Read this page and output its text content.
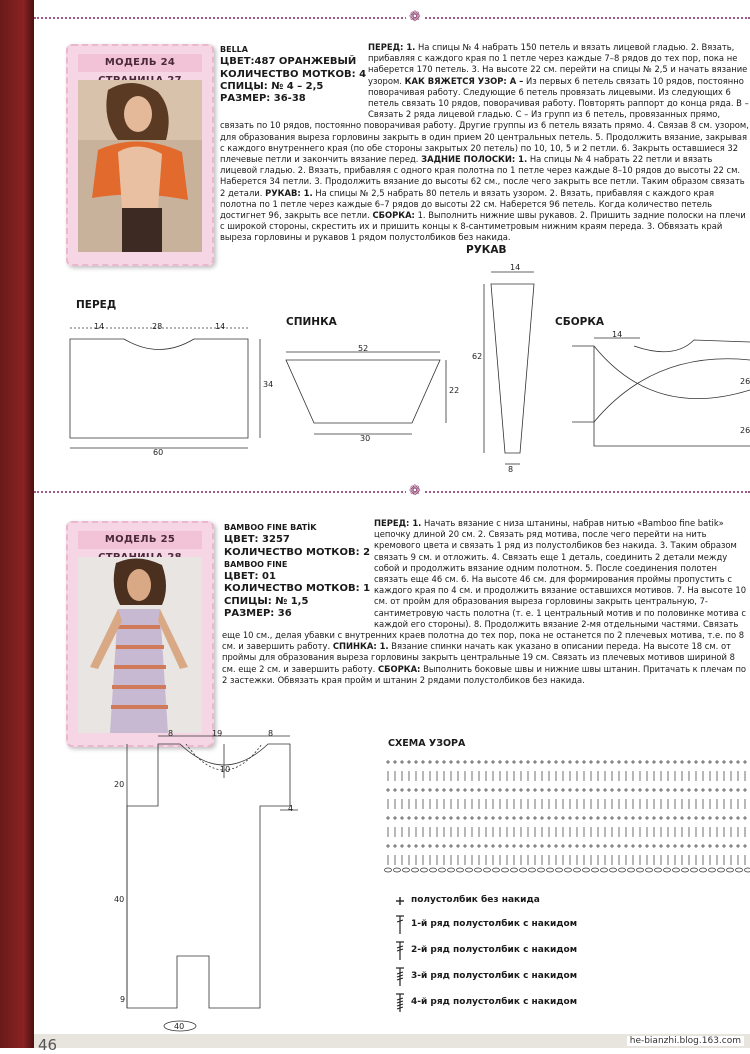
❁
МОДЕЛЬ 24
BELLA
ЦВЕТ:487 ОРАНЖЕВЫЙ
КОЛИЧЕСТВО МОТКОВ: 4
СПИЦЫ: № 4 – 2,5
РАЗМЕР: 36-38
ПЕРЕД: 1. На спицы № 4 набрать 150 петель и вязать лицевой гладью. 2. Вязать, прибавляя с каждого края по 1 петле через каждые 7–8 рядов до тех пор, пока не наберется 170 петель. 3. На высоте 22 см. перейти на спицы № 2,5 и начать вязание узором. КАК ВЯЖЕТСЯ УЗОР: А – Из первых 6 петель связать 10 рядов, постоянно поворачивая работу. Следующие 6 петель провязать лицевыми. Из следующих 6 петель связать 10 рядов, поворачивая работу. Повторять раппорт до конца ряда. В – Связать 2 ряда лицевой гладью. С – Из групп из 6 петель, провязанных прямо, связать по 10 рядов, постоянно поворачивая работу. Другие группы из 6 петель вязать прямо. 4. Связав 8 см. узором, для образования выреза горловины закрыть в один прием 20 центральных петель. 5. Продолжить вязание, закрывая с каждого внутреннего края (по обе стороны закрытых 20 петель) по 10, 10, 5 и 2 петли. 6. Закрыть оставшиеся 32 плечевые петли и закончить вязание перед. ЗАДНИЕ ПОЛОСКИ: 1. На спицы № 4 набрать 22 петли и вязать лицевой гладью. 2. Вязать, прибавляя с одного края полотна по 1 петле через каждые 8–10 рядов до высоты 22 см. Наберется 34 петли. 3. Продолжить вязание до высоты 62 см., после чего закрыть все петли. Таким образом связать 2 детали. РУКАВ: 1. На спицы № 2,5 набрать 80 петель и вязать узором. 2. Вязать, прибавляя с каждого края полотна по 1 петле через каждые 6–7 рядов до высоты 22 см. Наберется 96 петель. Когда количество петель достигнет 96, закрыть все петли. СБОРКА: 1. Выполнить нижние швы рукавов. 2. Пришить задние полоски на плечи с широкой стороны, скрестить их и пришить концы к 8-сантиметровым нижним краям переда. 3. Обвязать край выреза горловины и рукавов 1 рядом полустолбиков без накида.
ПЕРЕД
СПИНКА
РУКАВ
СБОРКА
14	28	14
34
60
52
22
30
14
62
8
14
26
26
❁
МОДЕЛЬ 25
BAMBOO FINE BATİK
ЦВЕТ: 3257
КОЛИЧЕСТВО МОТКОВ: 2
BAMBOO FINE
ЦВЕТ: 01
КОЛИЧЕСТВО МОТКОВ: 1
СПИЦЫ: № 1,5
РАЗМЕР: 36
ПЕРЕД: 1. Начать вязание с низа штанины, набрав нитью «Bamboo fine batik» цепочку длиной 20 см. 2. Связать ряд мотива, после чего перейти на нить кремового цвета и связать 1 ряд из полустолбиков без накида. 3. Таким образом связать 9 см. и отложить. 4. Связать еще 1 деталь, соединить 2 детали между собой и продолжить вязание одним полотном. 5. После соединения полотен связать еще 46 см. 6. На высоте 46 см. для формирования проймы пропустить с каждого края по 4 см. и продолжить вязание оставшихся мотивов. 7. На высоте 10 см. от пройм для образования выреза горловины закрыть центральную, 7-сантиметровую часть полотна (т. е. 1 центральный мотив и по половинке мотива с каждой его стороны). 8. Продолжить вязание 2-мя отдельными частями. Связать еще 10 см., делая убавки с внутренних краев полотна до тех пор, пока не останется по 2 плечевых мотива, т.е. по 8 см. и завершить работу. СПИНКА: 1. Вязание спинки начать как указано в описании переда. На высоте 18 см. от проймы для образования выреза горловины закрыть центральные 19 см. Связать из плечевых мотивов шириной 8 см. еще 2 см. и завершить работу. СБОРКА: Выполнить боковые швы и нижние швы штанин. Притачать к плечам по 2 застежки. Обвязать края пройм и штанин 2 рядами полустолбиков без накида.
8	19	8
10
4
20
40
9
40
СХЕМА УЗОРА
полустолбик без накида
1-й ряд полустолбик с накидом
2-й ряд полустолбик с накидом
3-й ряд полустолбик с накидом
4-й ряд полустолбик с накидом
46	he-bianzhi.blog.163.com
